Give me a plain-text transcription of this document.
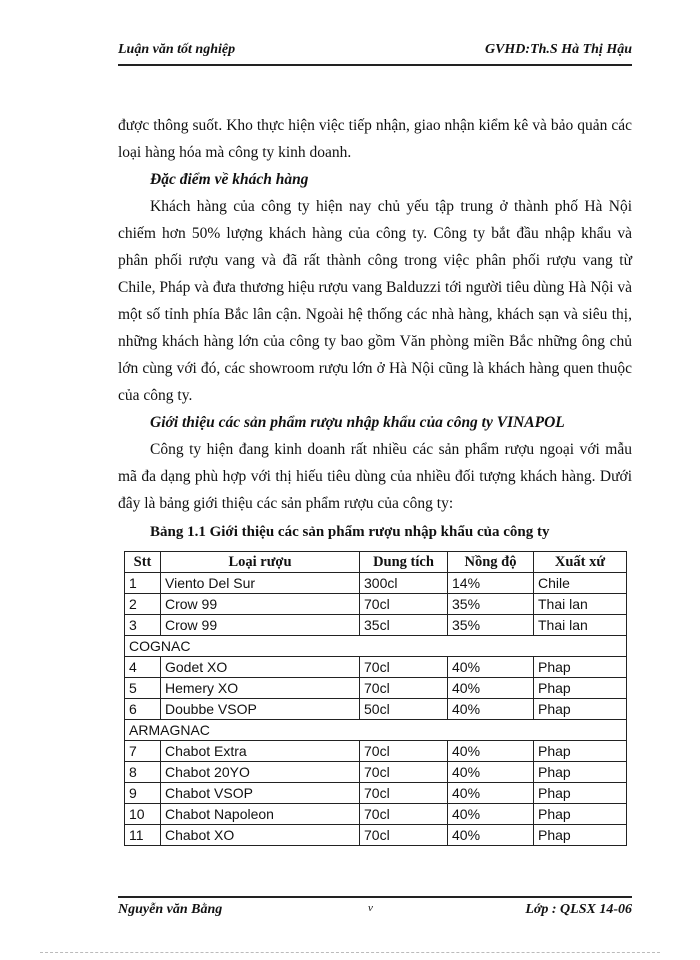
Luận văn tốt nghiệp	GVHD:Th.S Hà Thị Hậu

được thông suốt. Kho thực hiện việc tiếp nhận, giao nhận kiểm kê và bảo quản các loại hàng hóa mà công ty kinh doanh.

Đặc điểm về khách hàng

Khách hàng của công ty hiện nay chủ yếu tập trung ở thành phố Hà Nội chiếm hơn 50% lượng khách hàng của công ty. Công ty bắt đầu nhập khẩu và phân phối rượu vang và đã rất thành công trong việc phân phối rượu vang từ Chile, Pháp và đưa thương hiệu rượu vang Balduzzi tới người tiêu dùng Hà Nội và một số tỉnh phía Bắc lân cận. Ngoài hệ thống các nhà hàng, khách sạn và siêu thị, những khách hàng lớn của công ty bao gồm Văn phòng miền Bắc những ông chủ lớn cùng với đó, các showroom rượu lớn ở Hà Nội cũng là khách hàng quen thuộc của công ty.

Giới thiệu các sản phẩm rượu nhập khẩu của công ty VINAPOL

Công ty hiện đang kinh doanh rất nhiều các sản phẩm rượu ngoại với mẫu mã đa dạng phù hợp với thị hiếu tiêu dùng của nhiều đối tượng khách hàng. Dưới đây là bảng giới thiệu các sản phẩm rượu của công ty:

Bảng 1.1 Giới thiệu các sản phẩm rượu nhập khẩu của công ty
Stt	Loại rượu	Dung tích	Nồng độ	Xuất xứ
1	Viento Del Sur	300cl	14%	Chile
2	Crow 99	70cl	35%	Thai lan
3	Crow 99	35cl	35%	Thai lan
COGNAC				
4	Godet XO	70cl	40%	Phap
5	Hemery XO	70cl	40%	Phap
6	Doubbe VSOP	50cl	40%	Phap
ARMAGNAC				
7	Chabot Extra	70cl	40%	Phap
8	Chabot 20YO	70cl	40%	Phap
9	Chabot VSOP	70cl	40%	Phap
10	Chabot Napoleon	70cl	40%	Phap
11	Chabot XO	70cl	40%	Phap
Nguyễn văn Bằng	v	Lớp : QLSX 14-06
